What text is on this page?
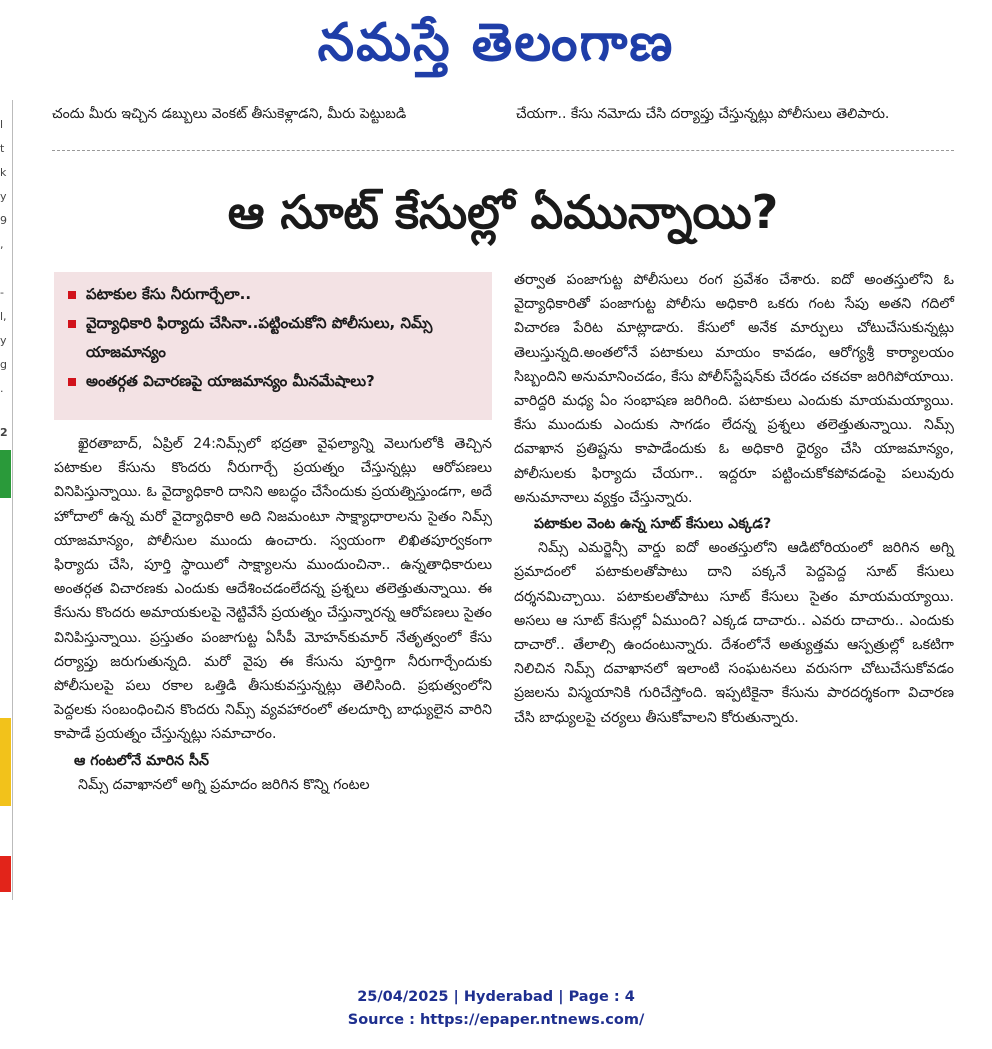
నమస్తే తెలంగాణ
l
t
k
y
9
,
-
l,
y
g
.
2
చందు మీరు ఇచ్చిన డబ్బులు వెంకట్ తీసుకెళ్లాడని, మీరు పెట్టుబడి	చేయగా.. కేసు నమోదు చేసి దర్యాప్తు చేస్తున్నట్లు పోలీసులు తెలిపారు.
ఆ సూట్ కేసుల్లో ఏమున్నాయి?
పటాకుల కేసు నీరుగార్చేలా..
వైద్యాధికారి ఫిర్యాదు చేసినా..పట్టించుకోని పోలీసులు, నిమ్స్ యాజమాన్యం
అంతర్గత విచారణపై యాజమాన్యం మీనమేషాలు?

ఖైరతాబాద్, ఏప్రిల్ 24:నిమ్స్‌లో భద్రతా వైఫల్యాన్ని వెలుగులోకి తెచ్చిన పటాకుల కేసును కొందరు నీరుగార్చే ప్రయత్నం చేస్తున్నట్లు ఆరోపణలు వినిపిస్తున్నాయి. ఓ వైద్యాధికారి దానిని అబద్ధం చేసేందుకు ప్రయత్నిస్తుండగా, అదే హోదాలో ఉన్న మరో వైద్యాధికారి అది నిజమంటూ సాక్ష్యాధారాలను సైతం నిమ్స్ యాజమాన్యం, పోలీసుల ముందు ఉంచారు. స్వయంగా లిఖితపూర్వకంగా ఫిర్యాదు చేసి, పూర్తి స్థాయిలో సాక్ష్యాలను ముందుంచినా.. ఉన్నతాధికారులు అంతర్గత విచారణకు ఎందుకు ఆదేశించడంలేదన్న ప్రశ్నలు తలెత్తుతున్నాయి. ఈ కేసును కొందరు అమాయకులపై నెట్టివేసే ప్రయత్నం చేస్తున్నారన్న ఆరోపణలు సైతం వినిపిస్తున్నాయి. ప్రస్తుతం పంజాగుట్ట ఏసీపీ మోహన్‌కుమార్ నేతృత్వంలో కేసు దర్యాప్తు జరుగుతున్నది. మరో వైపు ఈ కేసును పూర్తిగా నీరుగార్చేందుకు పోలీసులపై పలు రకాల ఒత్తిడి తీసుకువస్తున్నట్లు తెలిసింది. ప్రభుత్వంలోని పెద్దలకు సంబంధించిన కొందరు నిమ్స్ వ్యవహారంలో తలదూర్చి బాధ్యులైన వారిని కాపాడే ప్రయత్నం చేస్తున్నట్లు సమాచారం.

ఆ గంటలోనే మారిన సీన్

నిమ్స్ దవాఖానలో అగ్ని ప్రమాదం జరిగిన కొన్ని గంటల

తర్వాత పంజాగుట్ట పోలీసులు రంగ ప్రవేశం చేశారు. ఐదో అంతస్తులోని ఓ వైద్యాధికారితో పంజాగుట్ట పోలీసు అధికారి ఒకరు గంట సేపు అతని గదిలో విచారణ పేరిట మాట్లాడారు. కేసులో అనేక మార్పులు చోటుచేసుకున్నట్లు తెలుస్తున్నది.అంతలోనే పటాకులు మాయం కావడం, ఆరోగ్యశ్రీ కార్యాలయం సిబ్బందిని అనుమానించడం, కేసు పోలీస్‌స్టేషన్‌కు చేరడం చకచకా జరిగిపోయాయి. వారిద్దరి మధ్య ఏం సంభాషణ జరిగింది. పటాకులు ఎందుకు మాయమయ్యాయి. కేసు ముందుకు ఎందుకు సాగడం లేదన్న ప్రశ్నలు తలెత్తుతున్నాయి. నిమ్స్ దవాఖాన ప్రతిష్టను కాపాడేందుకు ఓ అధికారి ధైర్యం చేసి యాజమాన్యం, పోలీసులకు ఫిర్యాదు చేయగా.. ఇద్దరూ పట్టించుకోకపోవడంపై పలువురు అనుమానాలు వ్యక్తం చేస్తున్నారు.

పటాకుల వెంట ఉన్న సూట్ కేసులు ఎక్కడ?

నిమ్స్ ఎమర్జెన్సీ వార్డు ఐదో అంతస్తులోని ఆడిటోరియంలో జరిగిన అగ్ని ప్రమాదంలో పటాకులతోపాటు దాని పక్కనే పెద్దపెద్ద సూట్ కేసులు దర్శనమిచ్చాయి. పటాకులతోపాటు సూట్ కేసులు సైతం మాయమయ్యాయి. అసలు ఆ సూట్ కేసుల్లో ఏముంది? ఎక్కడ దాచారు.. ఎవరు దాచారు.. ఎందుకు దాచారో.. తేలాల్సి ఉందంటున్నారు. దేశంలోనే అత్యుత్తమ ఆస్పత్రుల్లో ఒకటిగా నిలిచిన నిమ్స్ దవాఖానలో ఇలాంటి సంఘటనలు వరుసగా చోటుచేసుకోవడం ప్రజలను విస్మయానికి గురిచేస్తోంది. ఇప్పటికైనా కేసును పారదర్శకంగా విచారణ చేసి బాధ్యులపై చర్యలు తీసుకోవాలని కోరుతున్నారు.

25/04/2025 | Hyderabad | Page : 4
Source : https://epaper.ntnews.com/
